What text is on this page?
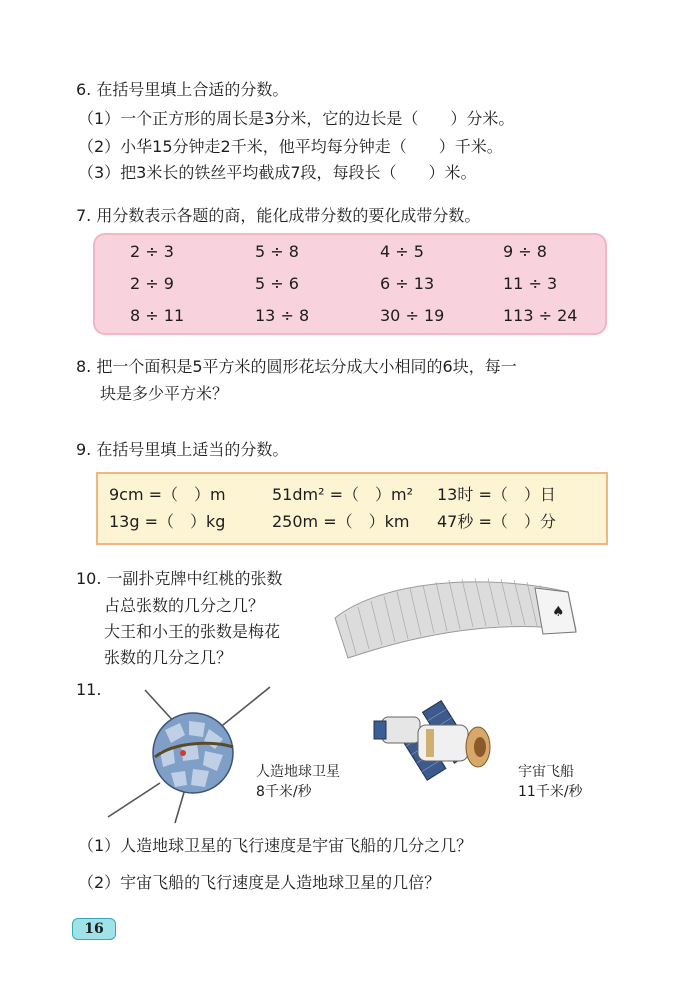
6. 在括号里填上合适的分数。
（1）一个正方形的周长是3分米，它的边长是（　　）分米。
（2）小华15分钟走2千米，他平均每分钟走（　　）千米。
（3）把3米长的铁丝平均截成7段，每段长（　　）米。
7. 用分数表示各题的商，能化成带分数的要化成带分数。
2 ÷ 3	5 ÷ 8	4 ÷ 5	9 ÷ 8
2 ÷ 9	5 ÷ 6	6 ÷ 13	11 ÷ 3
8 ÷ 11	13 ÷ 8	30 ÷ 19	113 ÷ 24
8. 把一个面积是5平方米的圆形花坛分成大小相同的6块，每一
块是多少平方米？
9. 在括号里填上适当的分数。
9cm =（　）m	51dm² =（　）m² 13时 =（　）日
13g =（　）kg	250m =（　）km 47秒 =（　）分
10. 一副扑克牌中红桃的张数
占总张数的几分之几？
大王和小王的张数是梅花
张数的几分之几？
♠
11.
人造地球卫星
8千米/秒
宇宙飞船
11千米/秒
（1）人造地球卫星的飞行速度是宇宙飞船的几分之几？
（2）宇宙飞船的飞行速度是人造地球卫星的几倍？
16
